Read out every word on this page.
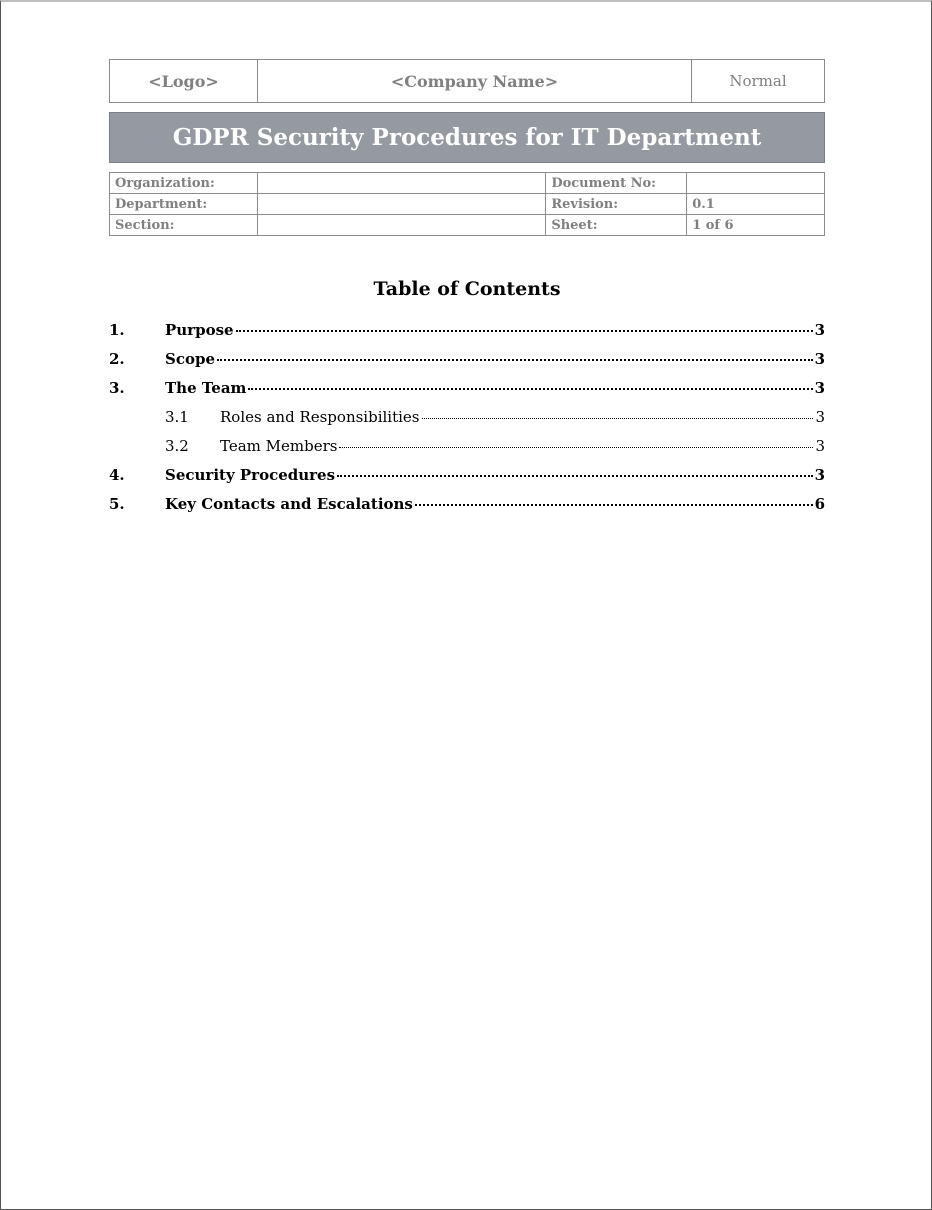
<Logo>	<Company Name>	Normal
GDPR Security Procedures for IT Department
Organization:		Document No:	
Department:		Revision:	0.1
Section:		Sheet:	1 of 6
Table of Contents
1.	Purpose	3
2.	Scope	3
3.	The Team	3
3.1	Roles and Responsibilities	3
3.2	Team Members	3
4.	Security Procedures	3
5.	Key Contacts and Escalations	6
